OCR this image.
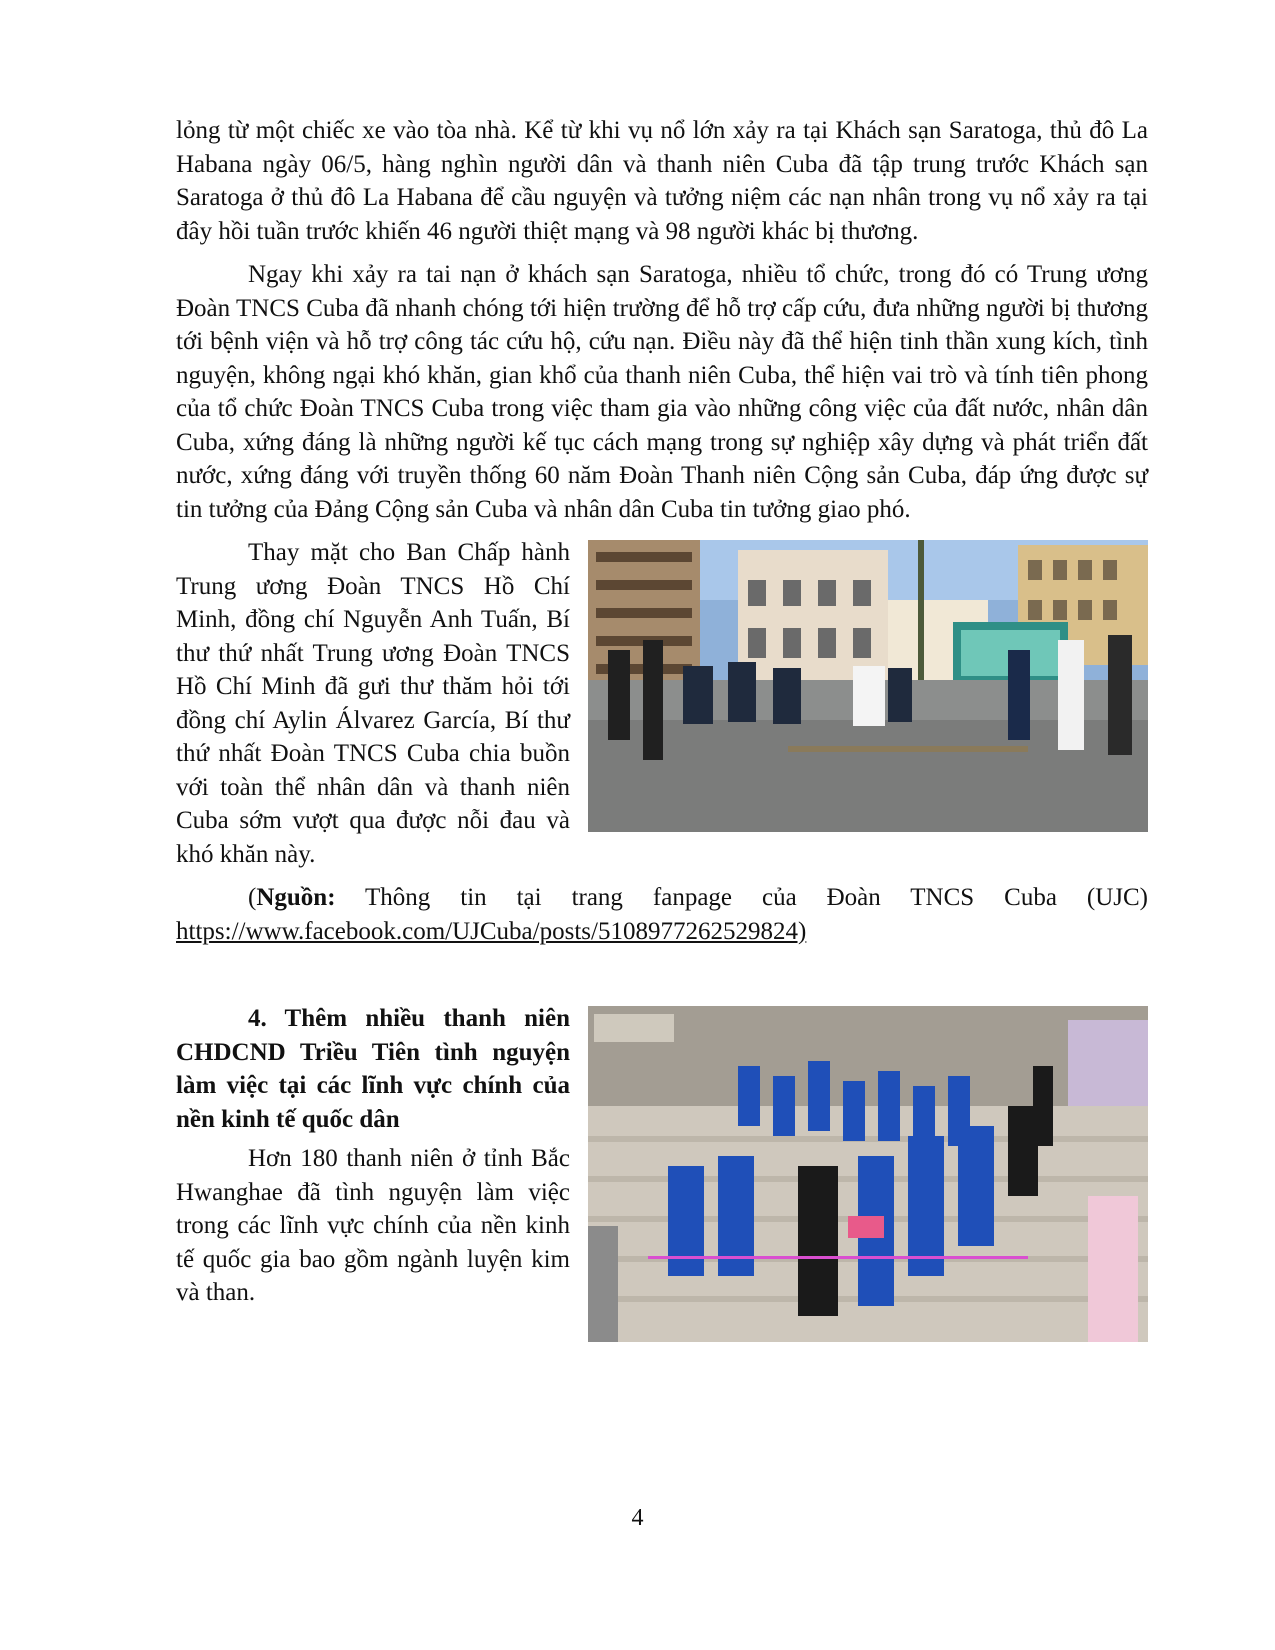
lỏng từ một chiếc xe vào tòa nhà. Kể từ khi vụ nổ lớn xảy ra tại Khách sạn Saratoga, thủ đô La Habana ngày 06/5, hàng nghìn người dân và thanh niên Cuba đã tập trung trước Khách sạn Saratoga ở thủ đô La Habana để cầu nguyện và tưởng niệm các nạn nhân trong vụ nổ xảy ra tại đây hồi tuần trước khiến 46 người thiệt mạng và 98 người khác bị thương.

Ngay khi xảy ra tai nạn ở khách sạn Saratoga, nhiều tổ chức, trong đó có Trung ương Đoàn TNCS Cuba đã nhanh chóng tới hiện trường để hỗ trợ cấp cứu, đưa những người bị thương tới bệnh viện và hỗ trợ công tác cứu hộ, cứu nạn. Điều này đã thể hiện tinh thần xung kích, tình nguyện, không ngại khó khăn, gian khổ của thanh niên Cuba, thể hiện vai trò và tính tiên phong của tổ chức Đoàn TNCS Cuba trong việc tham gia vào những công việc của đất nước, nhân dân Cuba, xứng đáng là những người kế tục cách mạng trong sự nghiệp xây dựng và phát triển đất nước, xứng đáng với truyền thống 60 năm Đoàn Thanh niên Cộng sản Cuba, đáp ứng được sự tin tưởng của Đảng Cộng sản Cuba và nhân dân Cuba tin tưởng giao phó.

Thay mặt cho Ban Chấp hành Trung ương Đoàn TNCS Hồ Chí Minh, đồng chí Nguyễn Anh Tuấn, Bí thư thứ nhất Trung ương Đoàn TNCS Hồ Chí Minh đã gưi thư thăm hỏi tới đồng chí Aylin Álvarez García, Bí thư thứ nhất Đoàn TNCS Cuba chia buồn với toàn thể nhân dân và thanh niên Cuba sớm vượt qua được nỗi đau và khó khăn này.

(Nguồn: Thông tin tại trang fanpage của Đoàn TNCS Cuba (UJC) https://www.facebook.com/UJCuba/posts/5108977262529824)

4. Thêm nhiều thanh niên CHDCND Triều Tiên tình nguyện làm việc tại các lĩnh vực chính của nền kinh tế quốc dân

Hơn 180 thanh niên ở tỉnh Bắc Hwanghae đã tình nguyện làm việc trong các lĩnh vực chính của nền kinh tế quốc gia bao gồm ngành luyện kim và than.

4
